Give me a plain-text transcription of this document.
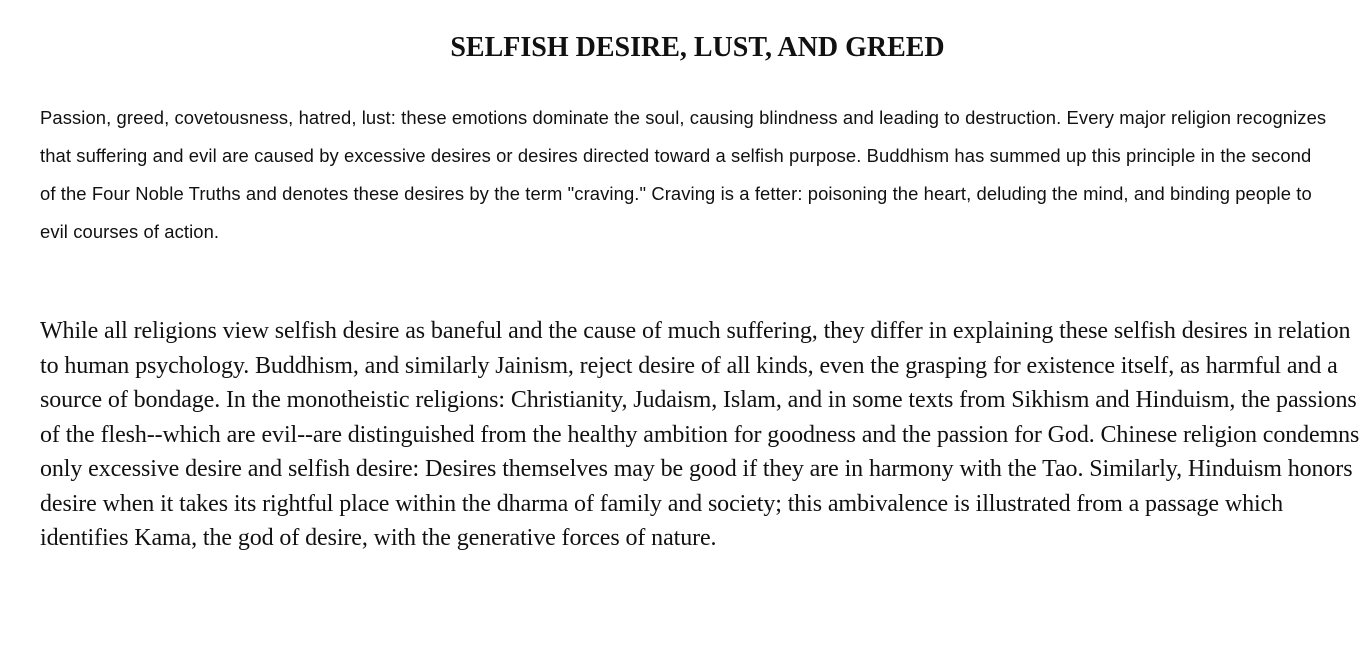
SELFISH DESIRE, LUST, AND GREED

Passion, greed, covetousness, hatred, lust: these emotions dominate the soul, causing blindness and leading to destruction. Every major religion recognizes that suffering and evil are caused by excessive desires or desires directed toward a selfish purpose. Buddhism has summed up this principle in the second of the Four Noble Truths and denotes these desires by the term "craving." Craving is a fetter: poisoning the heart, deluding the mind, and binding people to evil courses of action.

While all religions view selfish desire as baneful and the cause of much suffering, they differ in explaining these selfish desires in relation to human psychology. Buddhism, and similarly Jainism, reject desire of all kinds, even the grasping for existence itself, as harmful and a source of bondage. In the monotheistic religions: Christianity, Judaism, Islam, and in some texts from Sikhism and Hinduism, the passions of the flesh--which are evil--are distinguished from the healthy ambition for goodness and the passion for God. Chinese religion condemns only excessive desire and selfish desire: Desires themselves may be good if they are in harmony with the Tao. Similarly, Hinduism honors desire when it takes its rightful place within the dharma of family and society; this ambivalence is illustrated from a passage which identifies Kama, the god of desire, with the generative forces of nature.
